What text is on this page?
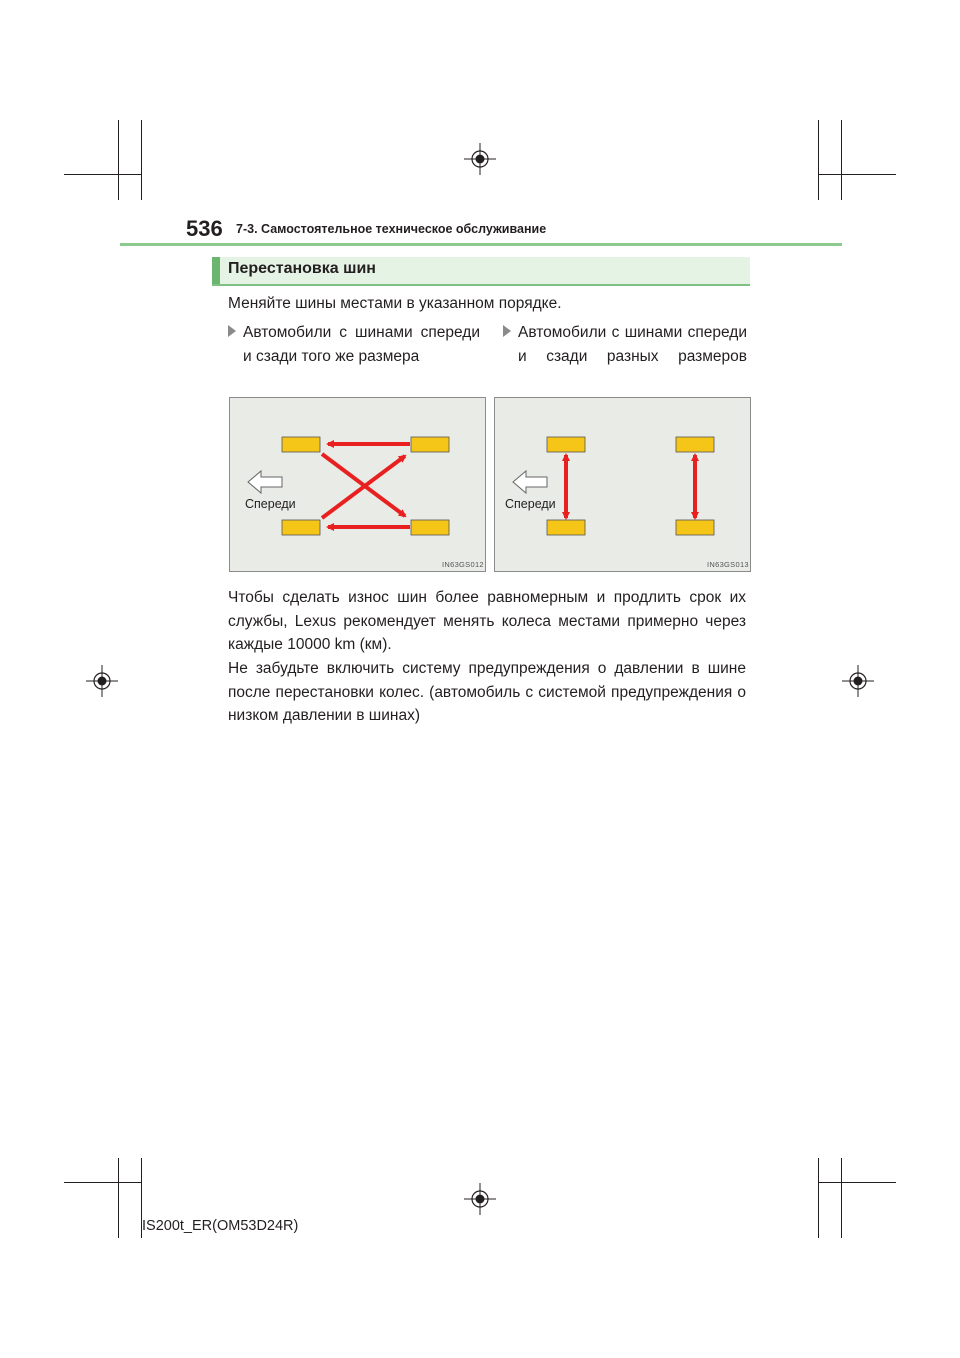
536 7-3. Самостоятельное техническое обслуживание
Перестановка шин
Меняйте шины местами в указанном порядке.
Автомобили с шинами спереди и сзади того же размера
Автомобили с шинами спереди и сзади разных размеров
Спереди
IN63GS012
Спереди
IN63GS013
Чтобы сделать износ шин более равномерным и продлить срок их службы, Lexus рекомендует менять колеса местами примерно через каждые 10000 km (км).
Не забудьте включить систему предупреждения о давлении в шине после перестановки колес. (автомобиль с системой предупреждения о низком давлении в шинах)
IS200t_ER(OM53D24R)
